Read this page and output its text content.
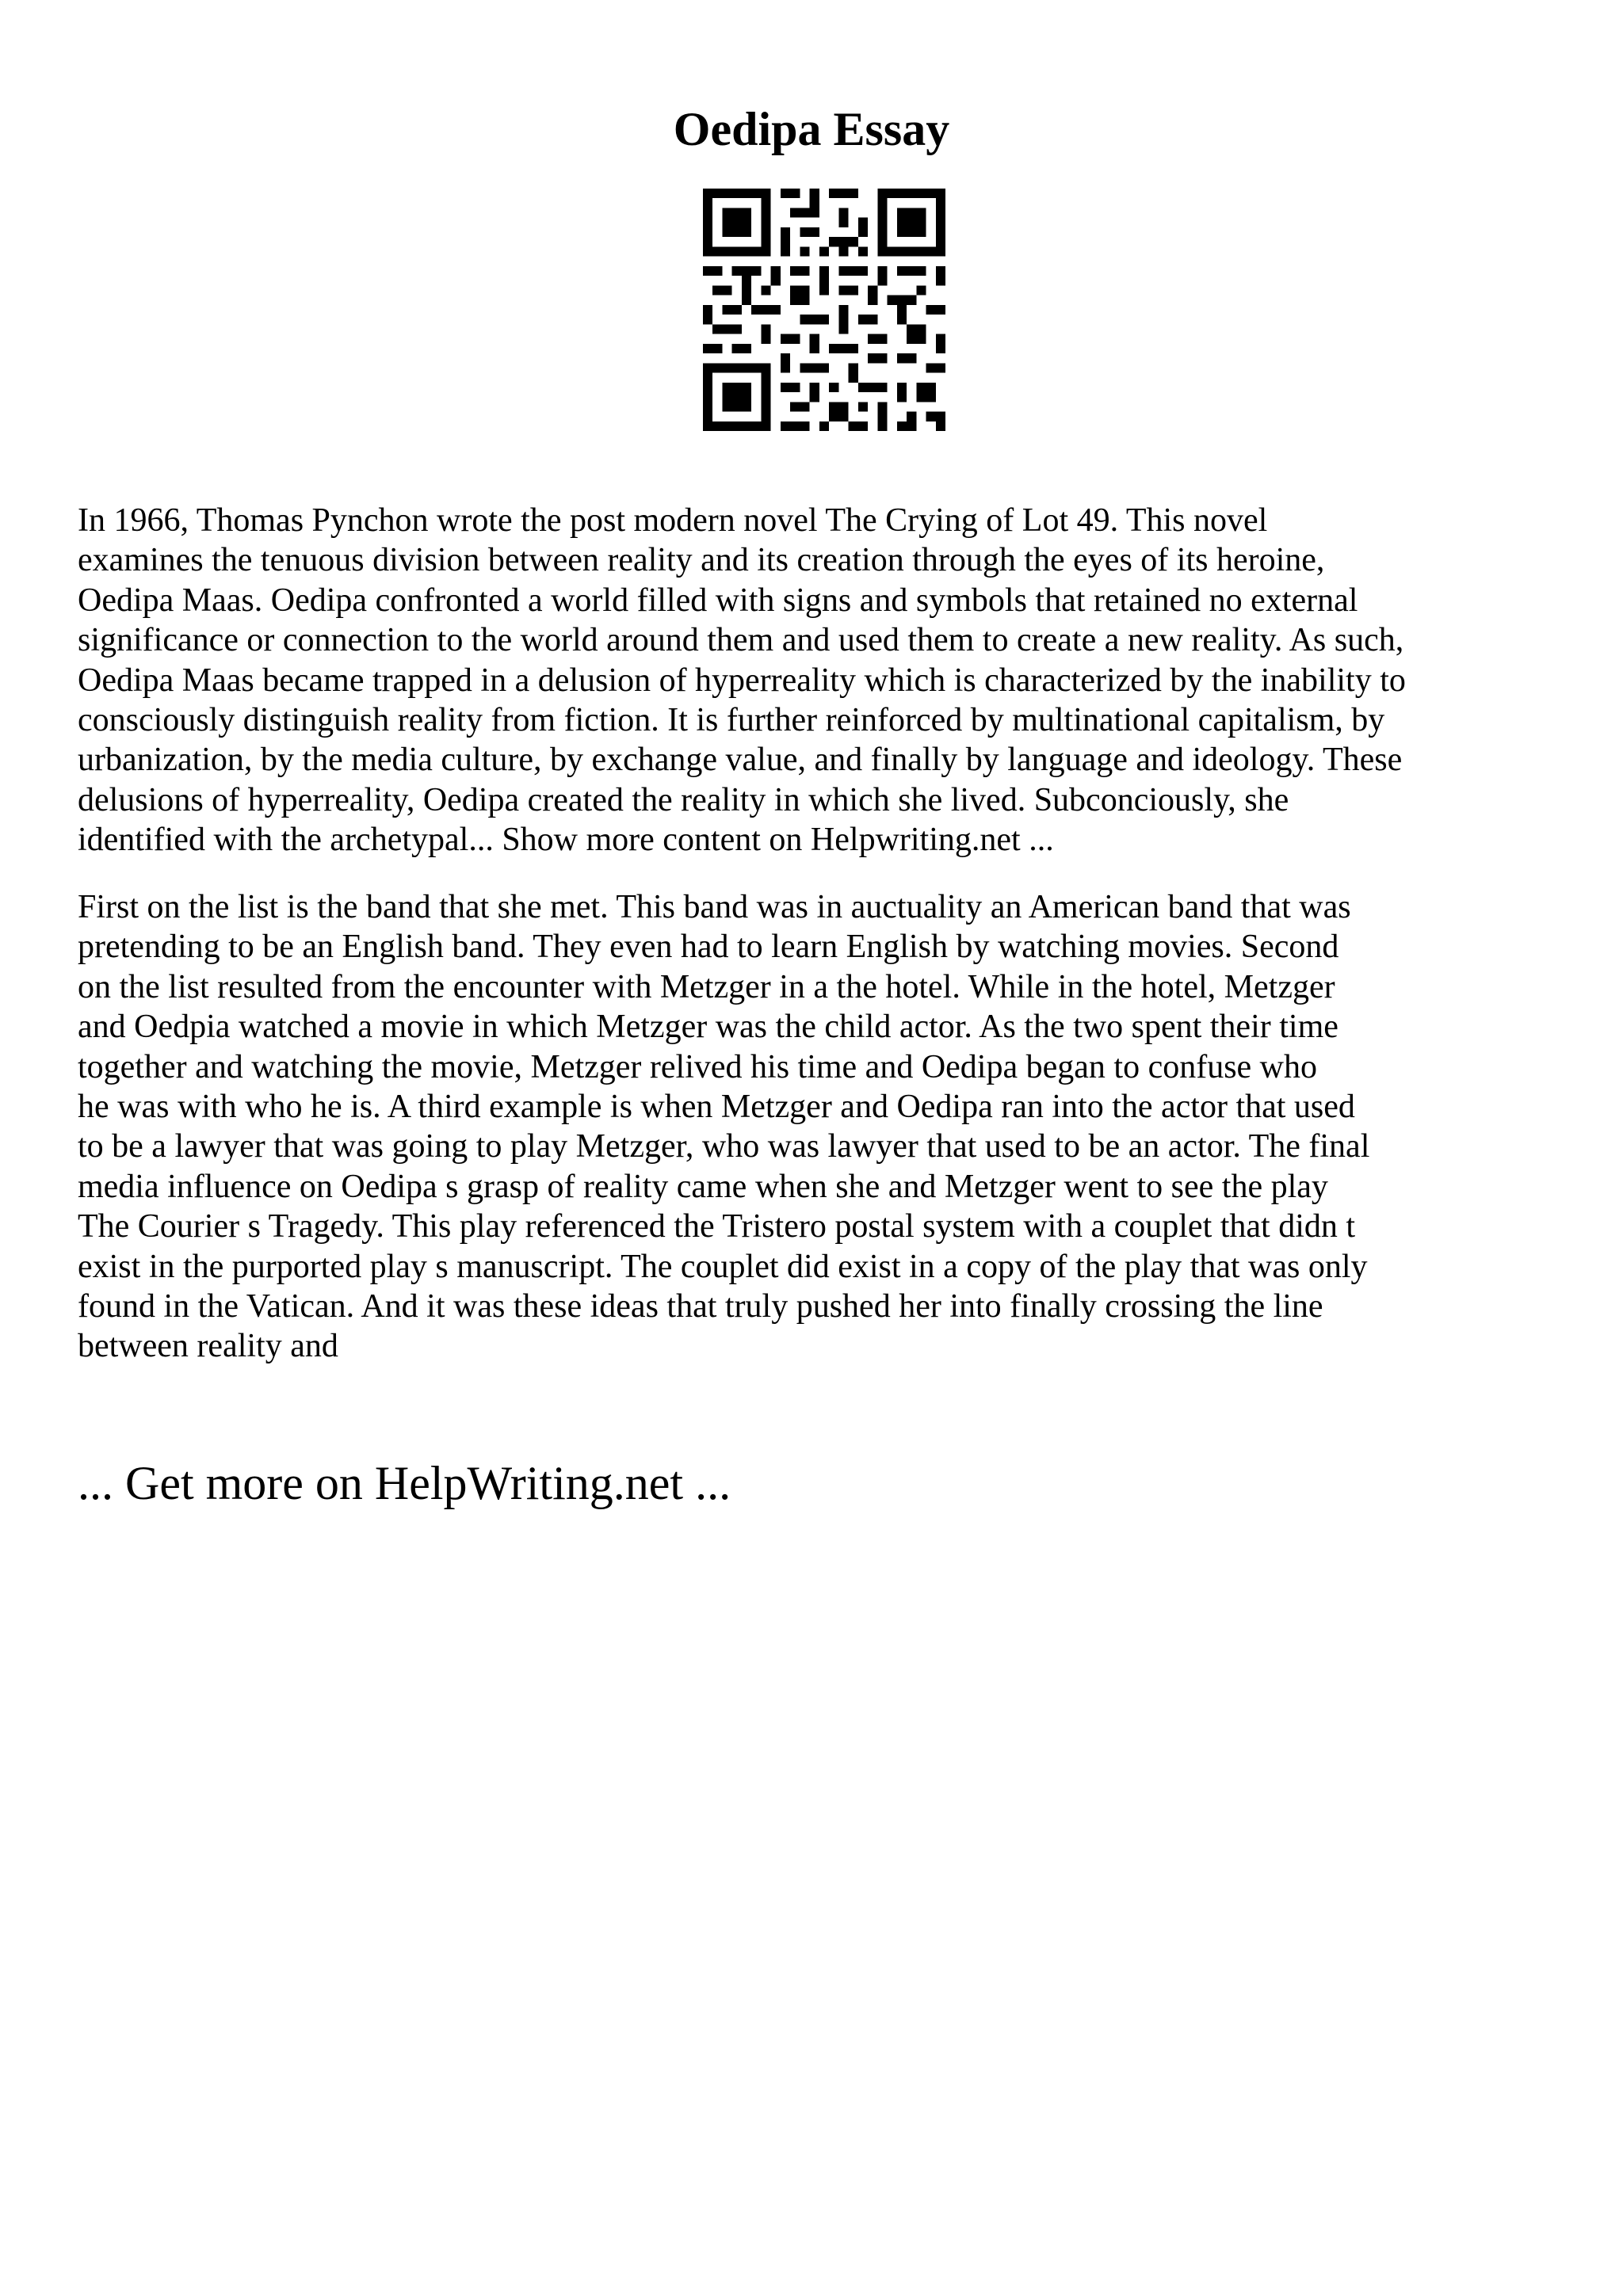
Oedipa Essay

In 1966, Thomas Pynchon wrote the post modern novel The Crying of Lot 49. This novel
examines the tenuous division between reality and its creation through the eyes of its heroine,
Oedipa Maas. Oedipa confronted a world filled with signs and symbols that retained no external
significance or connection to the world around them and used them to create a new reality. As such,
Oedipa Maas became trapped in a delusion of hyperreality which is characterized by the inability to
consciously distinguish reality from fiction. It is further reinforced by multinational capitalism, by
urbanization, by the media culture, by exchange value, and finally by language and ideology. These
delusions of hyperreality, Oedipa created the reality in which she lived. Subconciously, she
identified with the archetypal... Show more content on Helpwriting.net ...

First on the list is the band that she met. This band was in auctuality an American band that was
pretending to be an English band. They even had to learn English by watching movies. Second
on the list resulted from the encounter with Metzger in a the hotel. While in the hotel, Metzger
and Oedpia watched a movie in which Metzger was the child actor. As the two spent their time
together and watching the movie, Metzger relived his time and Oedipa began to confuse who
he was with who he is. A third example is when Metzger and Oedipa ran into the actor that used
to be a lawyer that was going to play Metzger, who was lawyer that used to be an actor. The final
media influence on Oedipa s grasp of reality came when she and Metzger went to see the play
The Courier s Tragedy. This play referenced the Tristero postal system with a couplet that didn t
exist in the purported play s manuscript. The couplet did exist in a copy of the play that was only
found in the Vatican. And it was these ideas that truly pushed her into finally crossing the line
between reality and

... Get more on HelpWriting.net ...
